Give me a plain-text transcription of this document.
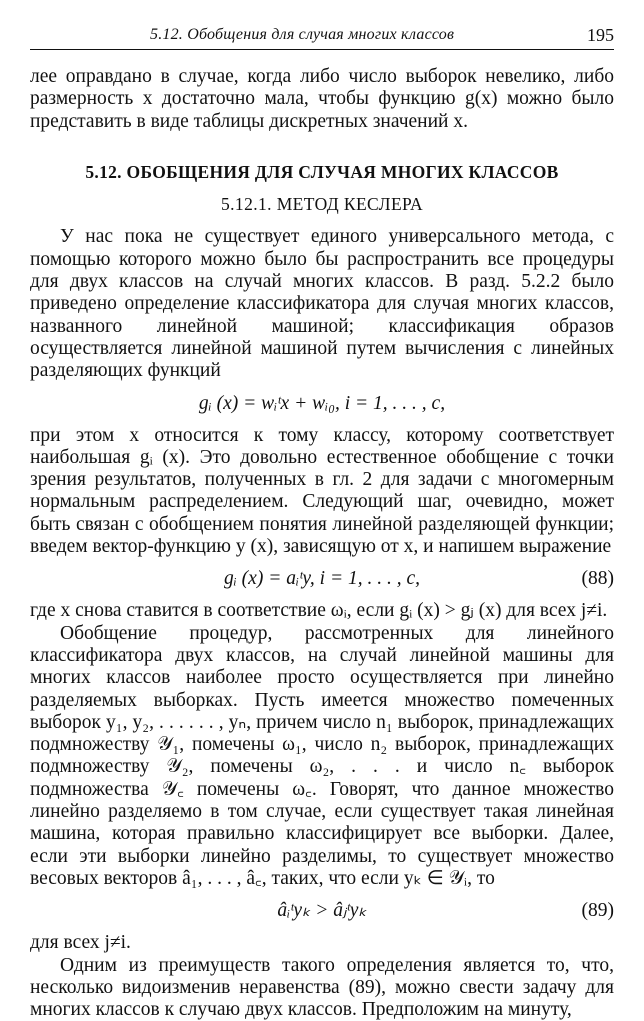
5.12. Обобщения для случая многих классов	195

лее оправдано в случае, когда либо число выборок невелико, либо размерность x достаточно мала, чтобы функцию g(x) можно было представить в виде таблицы дискретных значений x.

5.12. ОБОБЩЕНИЯ ДЛЯ СЛУЧАЯ МНОГИХ КЛАССОВ
5.12.1. МЕТОД КЕСЛЕРА

У нас пока не существует единого универсального метода, с помощью которого можно было бы распространить все процедуры для двух классов на случай многих классов. В разд. 5.2.2 было приведено определение классификатора для случая многих классов, названного линейной машиной; классификация образов осуществляется линейной машиной путем вычисления c линейных разделяющих функций

gᵢ (x) = wᵢᵗx + wᵢ₀, i = 1, . . . , c,

при этом x относится к тому классу, которому соответствует наибольшая gᵢ (x). Это довольно естественное обобщение с точки зрения результатов, полученных в гл. 2 для задачи с многомерным нормальным распределением. Следующий шаг, очевидно, может быть связан с обобщением понятия линейной разделяющей функции; введем вектор-функцию y (x), зависящую от x, и напишем выражение

gᵢ (x) = aᵢᵗy, i = 1, . . . , c,	(88)

где x снова ставится в соответствие ωᵢ, если gᵢ (x) > gⱼ (x) для всех j≠i.

Обобщение процедур, рассмотренных для линейного классификатора двух классов, на случай линейной машины для многих классов наиболее просто осуществляется при линейно разделяемых выборках. Пусть имеется множество помеченных выборок y₁, y₂, . . . . . . , yₙ, причем число n₁ выборок, принадлежащих подмножеству 𝒴₁, помечены ω₁, число n₂ выборок, принадлежащих подмножеству 𝒴₂, помечены ω₂, . . . и число n꜀ выборок подмножества 𝒴꜀ помечены ω꜀. Говорят, что данное множество линейно разделяемо в том случае, если существует такая линейная машина, которая правильно классифицирует все выборки. Далее, если эти выборки линейно разделимы, то существует множество весовых векторов â₁, . . . , â꜀, таких, что если yₖ ∈ 𝒴ᵢ, то

âᵢᵗyₖ > âⱼᵗyₖ	(89)

для всех j≠i.

Одним из преимуществ такого определения является то, что, несколько видоизменив неравенства (89), можно свести задачу для многих классов к случаю двух классов. Предположим на минуту,
